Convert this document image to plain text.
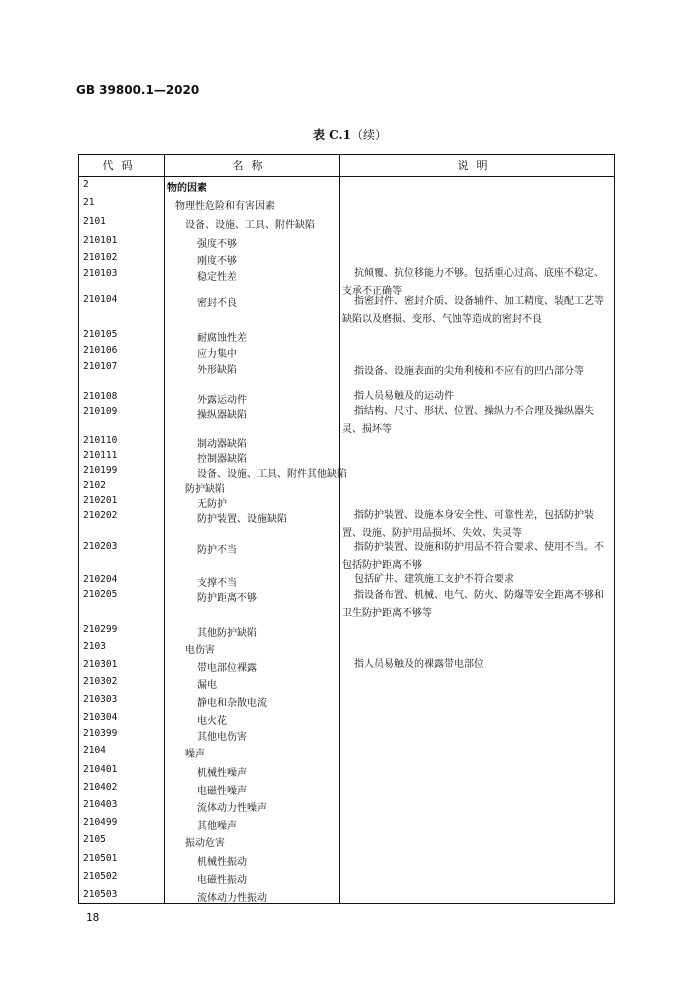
GB 39800.1—2020
表 C.1（续）
代码	名称	说明
2	物的因素
21	物理性危险和有害因素
2101	设备、设施、工具、附件缺陷
210101	强度不够
210102	刚度不够
210103	稳定性差	抗倾覆、抗位移能力不够。包括重心过高、底座不稳定、支承不正确等
210104	密封不良	指密封件、密封介质、设备辅件、加工精度、装配工艺等缺陷以及磨损、变形、气蚀等造成的密封不良
210105	耐腐蚀性差
210106	应力集中
210107	外形缺陷	指设备、设施表面的尖角利棱和不应有的凹凸部分等
210108	外露运动件	指人员易触及的运动件
210109	操纵器缺陷	指结构、尺寸、形状、位置、操纵力不合理及操纵器失灵、损坏等
210110	制动器缺陷
210111	控制器缺陷
210199	设备、设施、工具、附件其他缺陷
2102	防护缺陷
210201	无防护
210202	防护装置、设施缺陷	指防护装置、设施本身安全性、可靠性差，包括防护装置、设施、防护用品损坏、失效、失灵等
210203	防护不当	指防护装置、设施和防护用品不符合要求、使用不当。不包括防护距离不够
210204	支撑不当	包括矿井、建筑施工支护不符合要求
210205	防护距离不够	指设备布置、机械、电气、防火、防爆等安全距离不够和卫生防护距离不够等
210299	其他防护缺陷
2103	电伤害
210301	带电部位裸露	指人员易触及的裸露带电部位
210302	漏电
210303	静电和杂散电流
210304	电火花
210399	其他电伤害
2104	噪声
210401	机械性噪声
210402	电磁性噪声
210403	流体动力性噪声
210499	其他噪声
2105	振动危害
210501	机械性振动
210502	电磁性振动
210503	流体动力性振动
18
